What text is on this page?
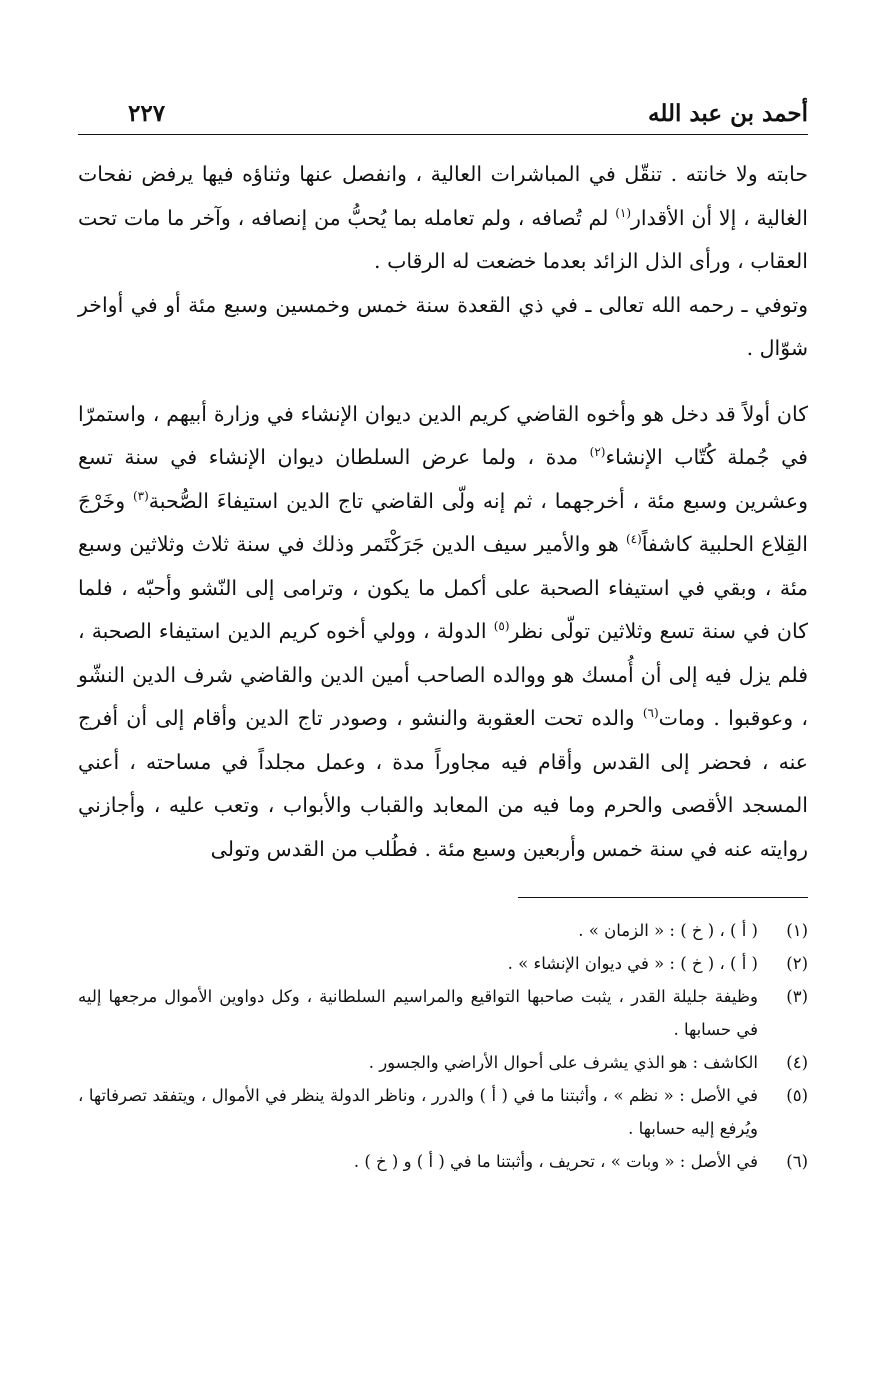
أحمد بن عبد الله
٢٢٧

حابته ولا خانته . تنقّل في المباشرات العالية ، وانفصل عنها وثناؤه فيها يرفض نفحات الغالية ، إلا أن الأقدار$^{(١)}$ لم تُصافه ، ولم تعامله بما يُحبُّ من إنصافه ، وآخر ما مات تحت العقاب ، ورأى الذل الزائد بعدما خضعت له الرقاب .

وتوفي ـ رحمه الله تعالى ـ في ذي القعدة سنة خمس وخمسين وسبع مئة أو في أواخر شوّال .

كان أولاً قد دخل هو وأخوه القاضي كريم الدين ديوان الإنشاء في وزارة أبيهم ، واستمرّا في جُملة كُتّاب الإنشاء$^{(٢)}$ مدة ، ولما عرض السلطان ديوان الإنشاء في سنة تسع وعشرين وسبع مئة ، أخرجهما ، ثم إنه ولّى القاضي تاج الدين استيفاءَ الصُّحبة$^{(٣)}$ وخَرْجَ القِلاع الحلبية كاشفاً$^{(٤)}$ هو والأمير سيف الدين جَرَكْتَمر وذلك في سنة ثلاث وثلاثين وسبع مئة ، وبقي في استيفاء الصحبة على أكمل ما يكون ، وترامى إلى النّشو وأحبّه ، فلما كان في سنة تسع وثلاثين تولّى نظر$^{(٥)}$ الدولة ، وولي أخوه كريم الدين استيفاء الصحبة ، فلم يزل فيه إلى أن أُمسك هو ووالده الصاحب أمين الدين والقاضي شرف الدين النشّو ، وعوقبوا . ومات$^{(٦)}$ والده تحت العقوبة والنشو ، وصودر تاج الدين وأقام إلى أن أفرج عنه ، فحضر إلى القدس وأقام فيه مجاوراً مدة ، وعمل مجلداً في مساحته ، أعني المسجد الأقصى والحرم وما فيه من المعابد والقباب والأبواب ، وتعب عليه ، وأجازني روايته عنه في سنة خمس وأربعين وسبع مئة . فطُلب من القدس وتولى

(١)
( أ ) ، ( خ ) : « الزمان » .
(٢)
( أ ) ، ( خ ) : « في ديوان الإنشاء » .
(٣)
وظيفة جليلة القدر ، يثبت صاحبها التواقيع والمراسيم السلطانية ، وكل دواوين الأموال مرجعها إليه في حسابها .
(٤)
الكاشف : هو الذي يشرف على أحوال الأراضي والجسور .
(٥)
في الأصل : « نظم » ، وأثبتنا ما في ( أ ) والدرر ، وناظر الدولة ينظر في الأموال ، ويتفقد تصرفاتها ، ويُرفع إليه حسابها .
(٦)
في الأصل : « وبات » ، تحريف ، وأثبتنا ما في ( أ ) و ( خ ) .
